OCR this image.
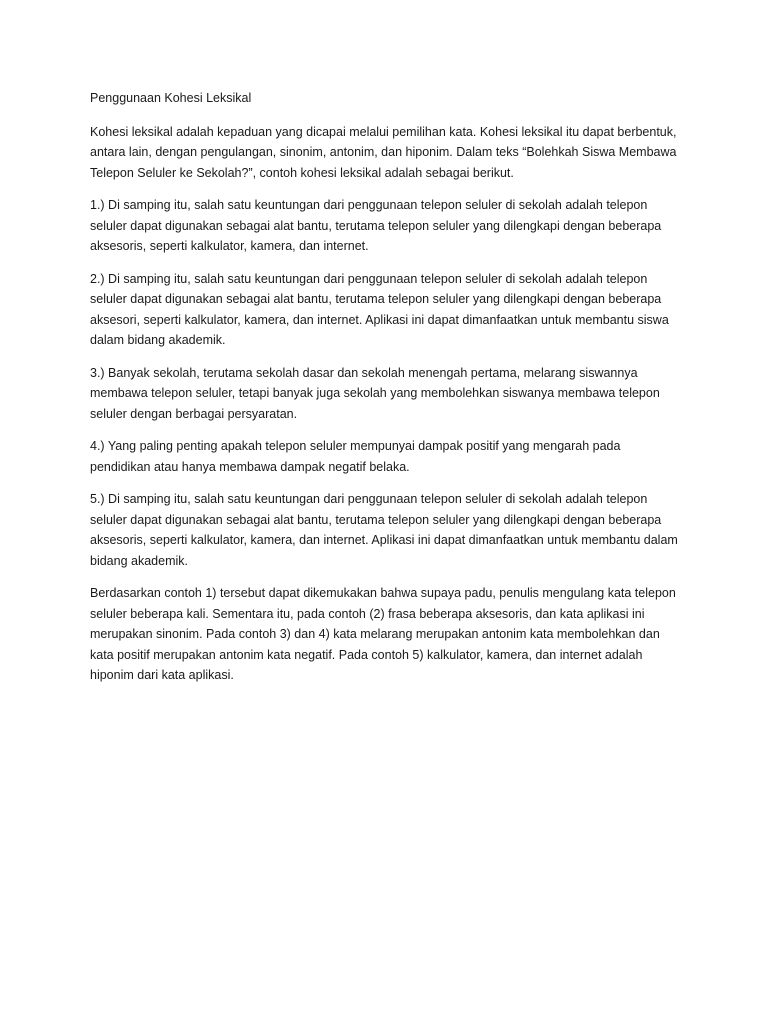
Penggunaan Kohesi Leksikal

Kohesi leksikal adalah kepaduan yang dicapai melalui pemilihan kata. Kohesi leksikal itu dapat berbentuk, antara lain, dengan pengulangan, sinonim, antonim, dan hiponim. Dalam teks “Bolehkah Siswa Membawa Telepon Seluler ke Sekolah?”, contoh kohesi leksikal adalah sebagai berikut.

1.) Di samping itu, salah satu keuntungan dari penggunaan telepon seluler di sekolah adalah telepon seluler dapat digunakan sebagai alat bantu, terutama telepon seluler yang dilengkapi dengan beberapa aksesoris, seperti kalkulator, kamera, dan internet.

2.) Di samping itu, salah satu keuntungan dari penggunaan telepon seluler di sekolah adalah telepon seluler dapat digunakan sebagai alat bantu, terutama telepon seluler yang dilengkapi dengan beberapa aksesori, seperti kalkulator, kamera, dan internet. Aplikasi ini dapat dimanfaatkan untuk membantu siswa dalam bidang akademik.

3.) Banyak sekolah, terutama sekolah dasar dan sekolah menengah pertama, melarang siswannya membawa telepon seluler, tetapi banyak juga sekolah yang membolehkan siswanya membawa telepon seluler dengan berbagai persyaratan.

4.) Yang paling penting apakah telepon seluler mempunyai dampak positif yang mengarah pada pendidikan atau hanya membawa dampak negatif belaka.

5.) Di samping itu, salah satu keuntungan dari penggunaan telepon seluler di sekolah adalah telepon seluler dapat digunakan sebagai alat bantu, terutama telepon seluler yang dilengkapi dengan beberapa aksesoris, seperti kalkulator, kamera, dan internet. Aplikasi ini dapat dimanfaatkan untuk membantu dalam bidang akademik.

Berdasarkan contoh 1) tersebut dapat dikemukakan bahwa supaya padu, penulis mengulang kata telepon seluler beberapa kali. Sementara itu, pada contoh (2) frasa beberapa aksesoris, dan kata aplikasi ini merupakan sinonim. Pada contoh 3) dan 4) kata melarang merupakan antonim kata membolehkan dan kata positif merupakan antonim kata negatif. Pada contoh 5) kalkulator, kamera, dan internet adalah hiponim dari kata aplikasi.
